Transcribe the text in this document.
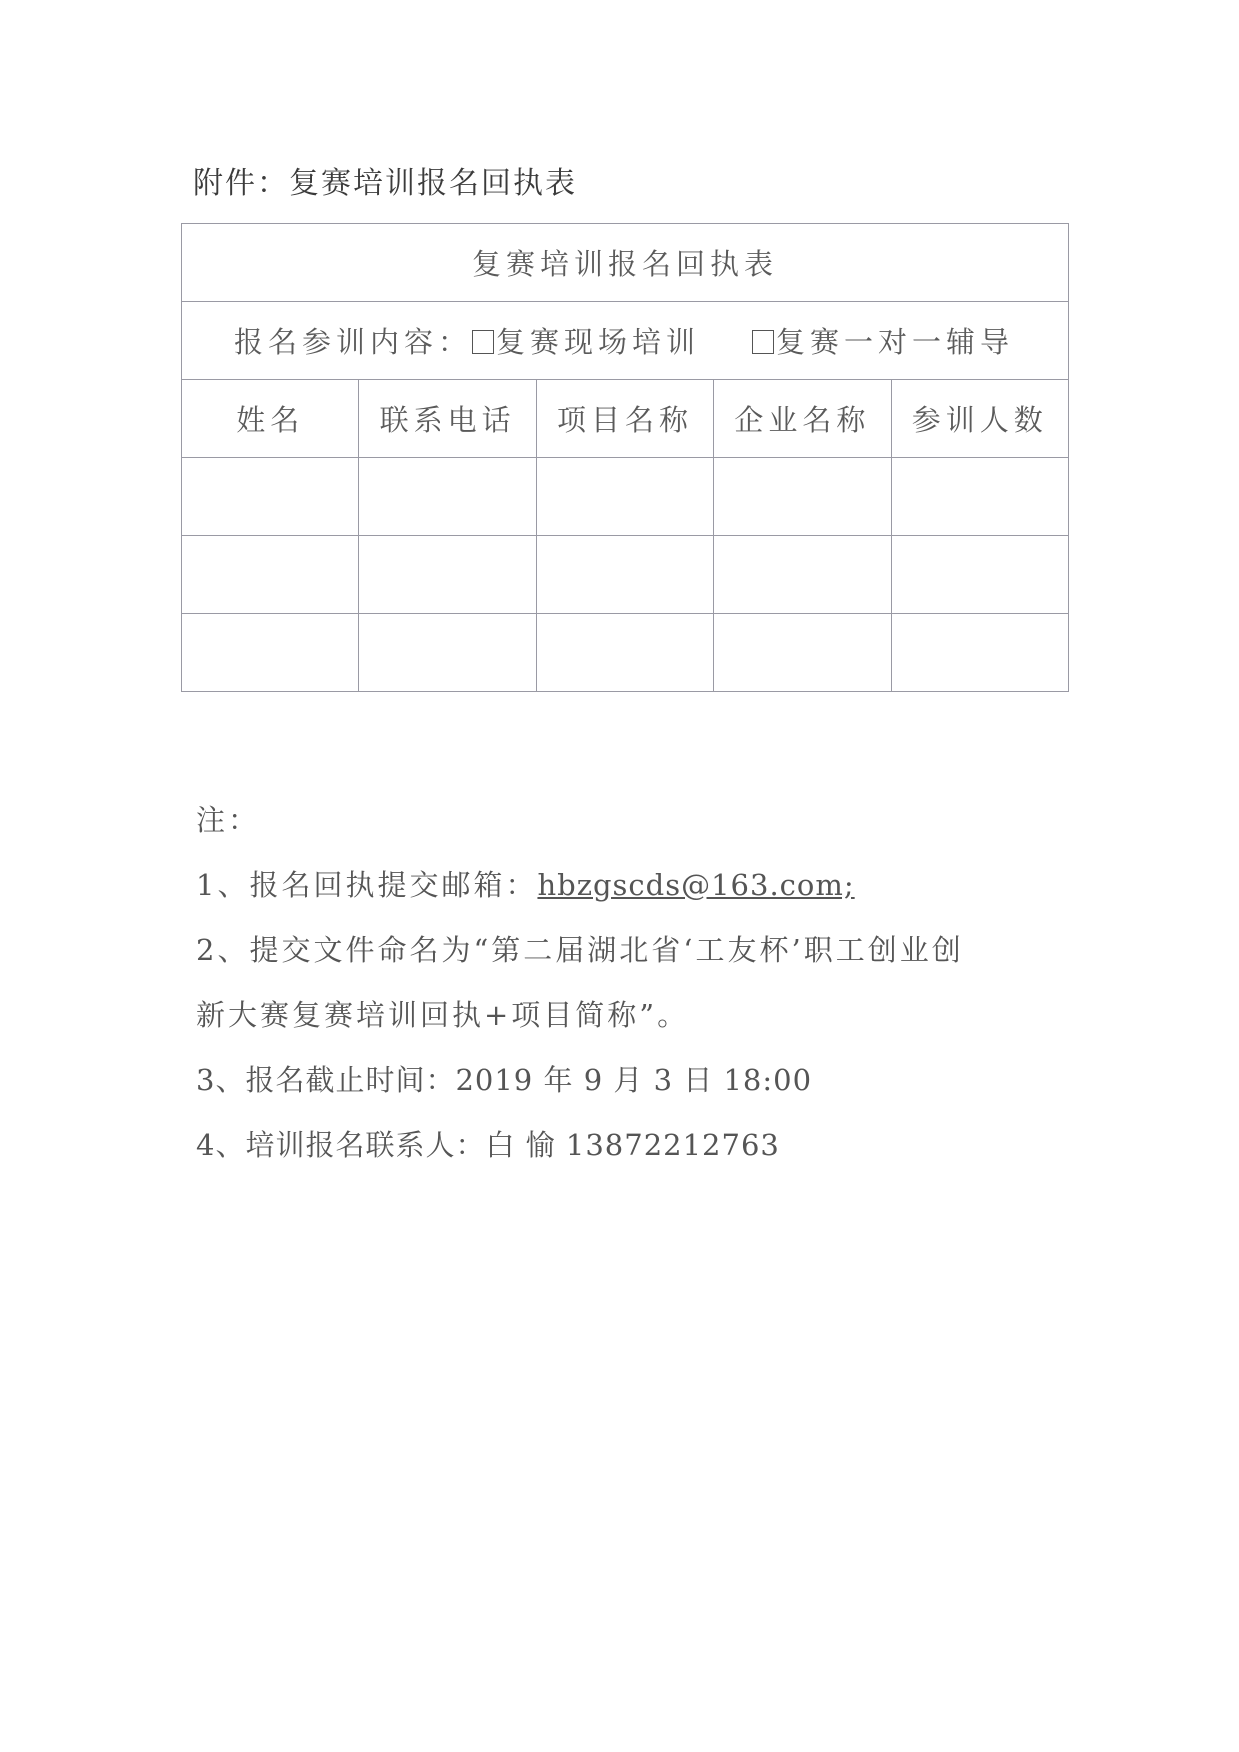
附件：复赛培训报名回执表
复赛培训报名回执表				
报名参训内容： 复赛现场培训 复赛一对一辅导				
姓名	联系电话	项目名称	企业名称	参训人数

注：
1、报名回执提交邮箱：hbzgscds@163.com;
2、提交文件命名为“第二届湖北省‘工友杯’职工创业创
新大赛复赛培训回执+项目简称”。
3、报名截止时间：2019 年 9 月 3 日 18:00
4、培训报名联系人：白 愉 13872212763
